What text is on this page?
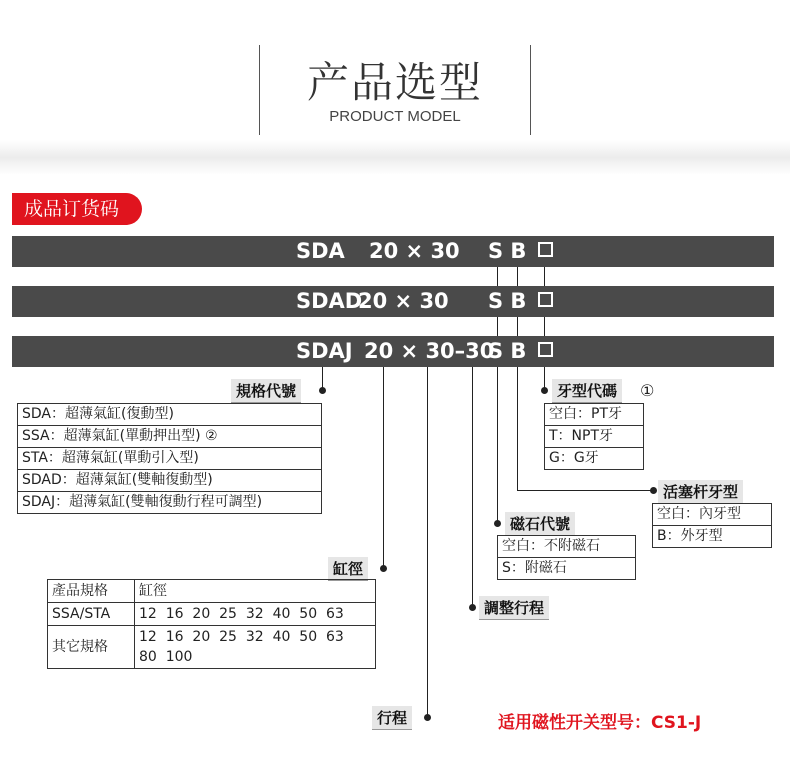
产品选型
PRODUCT MODEL
成品订货码
SDA 20 × 30 S B
SDAD
20 × 30 S B
SDAJ 20 × 30–30
S B
規格代號
SDA：超薄氣缸(復動型)
SSA：超薄氣缸(單動押出型) ②
STA：超薄氣缸(單動引入型)
SDAD：超薄氣缸(雙軸復動型)
SDAJ：超薄氣缸(雙軸復動行程可調型)
缸徑
產品規格	缸徑
SSA/STA	12  16  20  25  32  40  50  63
其它規格	12  16  20  25  32  40  50  63
80  100
行程
調整行程
磁石代號
空白：不附磁石
S：附磁石
活塞杆牙型
空白：內牙型
B：外牙型
牙型代碼	①
空白：PT牙
T：NPT牙
G：G牙
适用磁性开关型号：CS1-J
